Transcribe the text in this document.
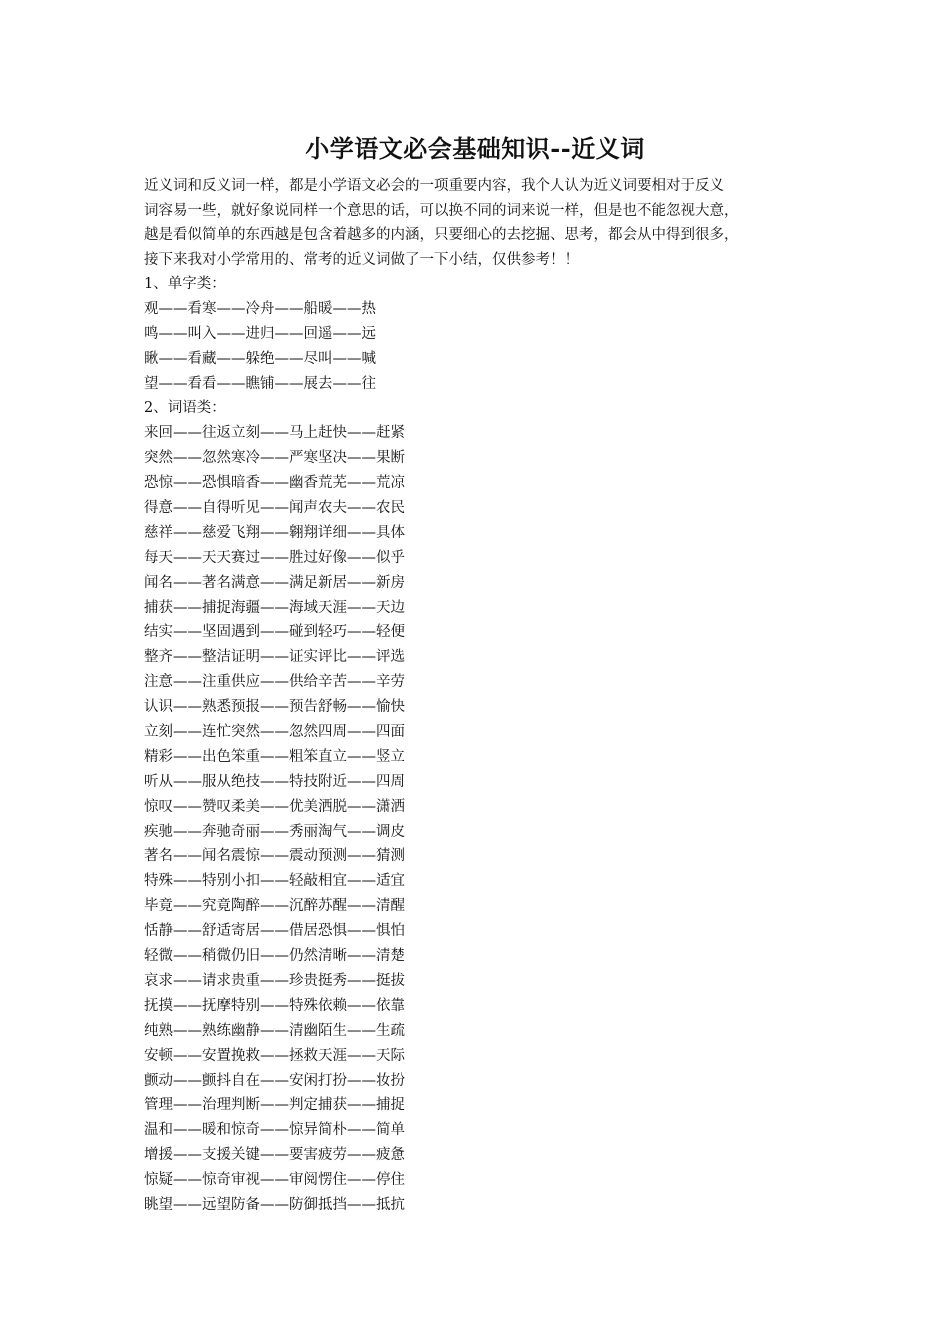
小学语文必会基础知识--近义词
近义词和反义词一样，都是小学语文必会的一项重要内容，我个人认为近义词要相对于反义
词容易一些，就好象说同样一个意思的话，可以换不同的词来说一样，但是也不能忽视大意，
越是看似简单的东西越是包含着越多的内涵，只要细心的去挖掘、思考，都会从中得到很多，
接下来我对小学常用的、常考的近义词做了一下小结，仅供参考！！
1、单字类：
观——看寒——冷舟——船暖——热
鸣——叫入——进归——回遥——远
瞅——看藏——躲绝——尽叫——喊
望——看看——瞧铺——展去——往
2、词语类：
来回——往返立刻——马上赶快——赶紧
突然——忽然寒冷——严寒坚决——果断
恐惊——恐惧暗香——幽香荒芜——荒凉
得意——自得听见——闻声农夫——农民
慈祥——慈爱飞翔——翱翔详细——具体
每天——天天赛过——胜过好像——似乎
闻名——著名满意——满足新居——新房
捕获——捕捉海疆——海域天涯——天边
结实——坚固遇到——碰到轻巧——轻便
整齐——整洁证明——证实评比——评选
注意——注重供应——供给辛苦——辛劳
认识——熟悉预报——预告舒畅——愉快
立刻——连忙突然——忽然四周——四面
精彩——出色笨重——粗笨直立——竖立
听从——服从绝技——特技附近——四周
惊叹——赞叹柔美——优美洒脱——潇洒
疾驰——奔驰奇丽——秀丽淘气——调皮
著名——闻名震惊——震动预测——猜测
特殊——特别小扣——轻敲相宜——适宜
毕竟——究竟陶醉——沉醉苏醒——清醒
恬静——舒适寄居——借居恐惧——惧怕
轻微——稍微仍旧——仍然清晰——清楚
哀求——请求贵重——珍贵挺秀——挺拔
抚摸——抚摩特别——特殊依赖——依靠
纯熟——熟练幽静——清幽陌生——生疏
安顿——安置挽救——拯救天涯——天际
颤动——颤抖自在——安闲打扮——妆扮
管理——治理判断——判定捕获——捕捉
温和——暖和惊奇——惊异简朴——简单
增援——支援关键——要害疲劳——疲惫
惊疑——惊奇审视——审阅愣住——停住
眺望——远望防备——防御抵挡——抵抗
